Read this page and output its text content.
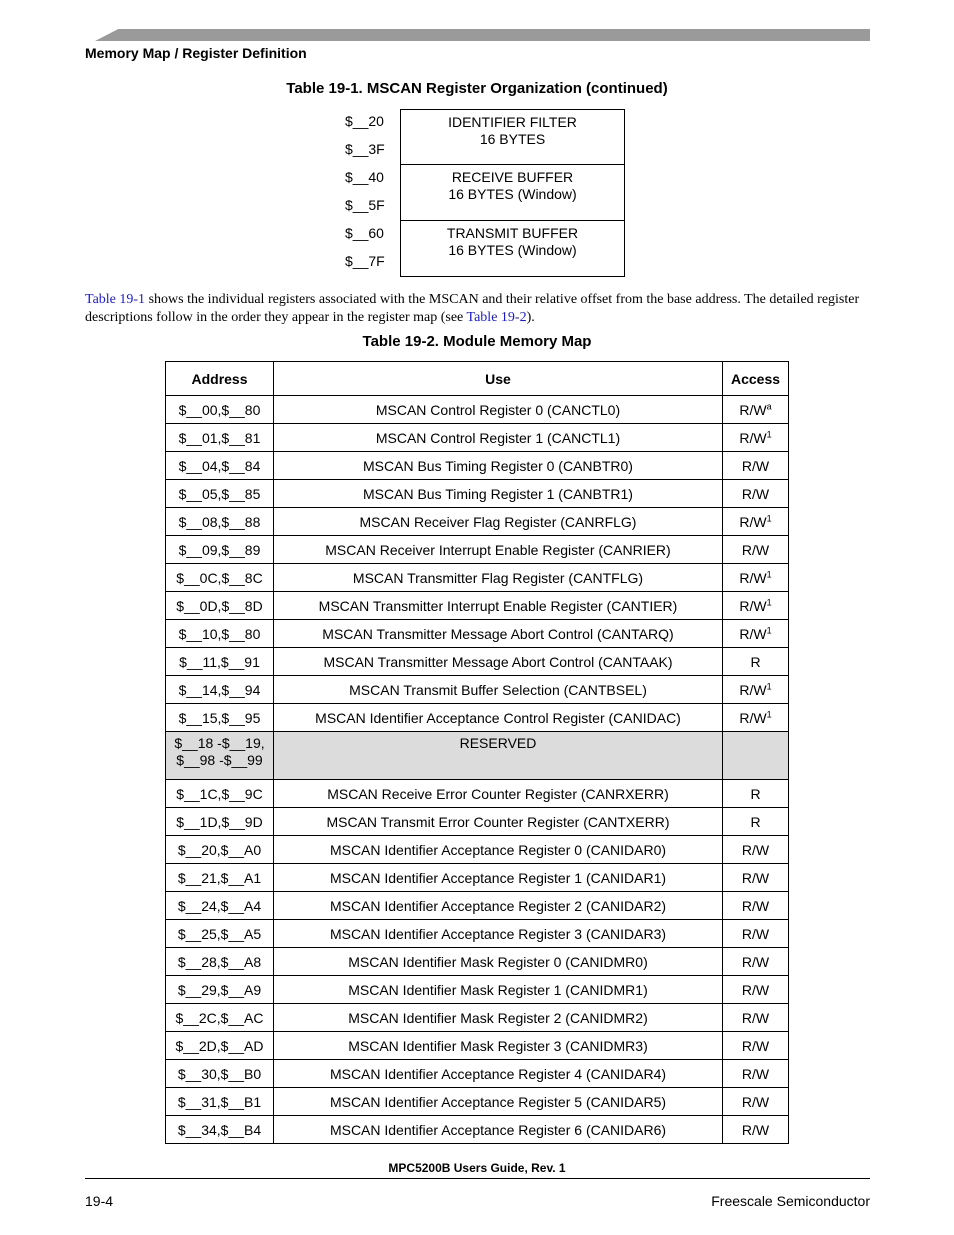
Memory Map / Register Definition
Table 19-1. MSCAN Register Organization (continued)
$__20
$__3F
IDENTIFIER FILTER
16 BYTES
$__40
$__5F
RECEIVE BUFFER
16 BYTES (Window)
$__60
$__7F
TRANSMIT BUFFER
16 BYTES (Window)
Table 19-1 shows the individual registers associated with the MSCAN and their relative offset from the base address. The detailed register descriptions follow in the order they appear in the register map (see Table 19-2).
Table 19-2. Module Memory Map
Address	Use	Access
$__00,$__80	MSCAN Control Register 0 (CANCTL0)	$R/W^a$
$__01,$__81	MSCAN Control Register 1 (CANCTL1)	$R/W^1$
$__04,$__84	MSCAN Bus Timing Register 0 (CANBTR0)	R/W
$__05,$__85	MSCAN Bus Timing Register 1 (CANBTR1)	R/W
$__08,$__88	MSCAN Receiver Flag Register (CANRFLG)	$R/W^1$
$__09,$__89	MSCAN Receiver Interrupt Enable Register (CANRIER)	R/W
$__0C,$__8C	MSCAN Transmitter Flag Register (CANTFLG)	$R/W^1$
$__0D,$__8D	MSCAN Transmitter Interrupt Enable Register (CANTIER)	$R/W^1$
$__10,$__80	MSCAN Transmitter Message Abort Control (CANTARQ)	$R/W^1$
$__11,$__91	MSCAN Transmitter Message Abort Control (CANTAAK)	R
$__14,$__94	MSCAN Transmit Buffer Selection (CANTBSEL)	$R/W^1$
$__15,$__95	MSCAN Identifier Acceptance Control Register (CANIDAC)	$R/W^1$
$__18 -$__19,
$__98 -$__99	RESERVED	
$__1C,$__9C	MSCAN Receive Error Counter Register (CANRXERR)	R
$__1D,$__9D	MSCAN Transmit Error Counter Register (CANTXERR)	R
$__20,$__A0	MSCAN Identifier Acceptance Register 0 (CANIDAR0)	R/W
$__21,$__A1	MSCAN Identifier Acceptance Register 1 (CANIDAR1)	R/W
$__24,$__A4	MSCAN Identifier Acceptance Register 2 (CANIDAR2)	R/W
$__25,$__A5	MSCAN Identifier Acceptance Register 3 (CANIDAR3)	R/W
$__28,$__A8	MSCAN Identifier Mask Register 0 (CANIDMR0)	R/W
$__29,$__A9	MSCAN Identifier Mask Register 1 (CANIDMR1)	R/W
$__2C,$__AC	MSCAN Identifier Mask Register 2 (CANIDMR2)	R/W
$__2D,$__AD	MSCAN Identifier Mask Register 3 (CANIDMR3)	R/W
$__30,$__B0	MSCAN Identifier Acceptance Register 4 (CANIDAR4)	R/W
$__31,$__B1	MSCAN Identifier Acceptance Register 5 (CANIDAR5)	R/W
$__34,$__B4	MSCAN Identifier Acceptance Register 6 (CANIDAR6)	R/W
MPC5200B Users Guide, Rev. 1
19-4	Freescale Semiconductor
